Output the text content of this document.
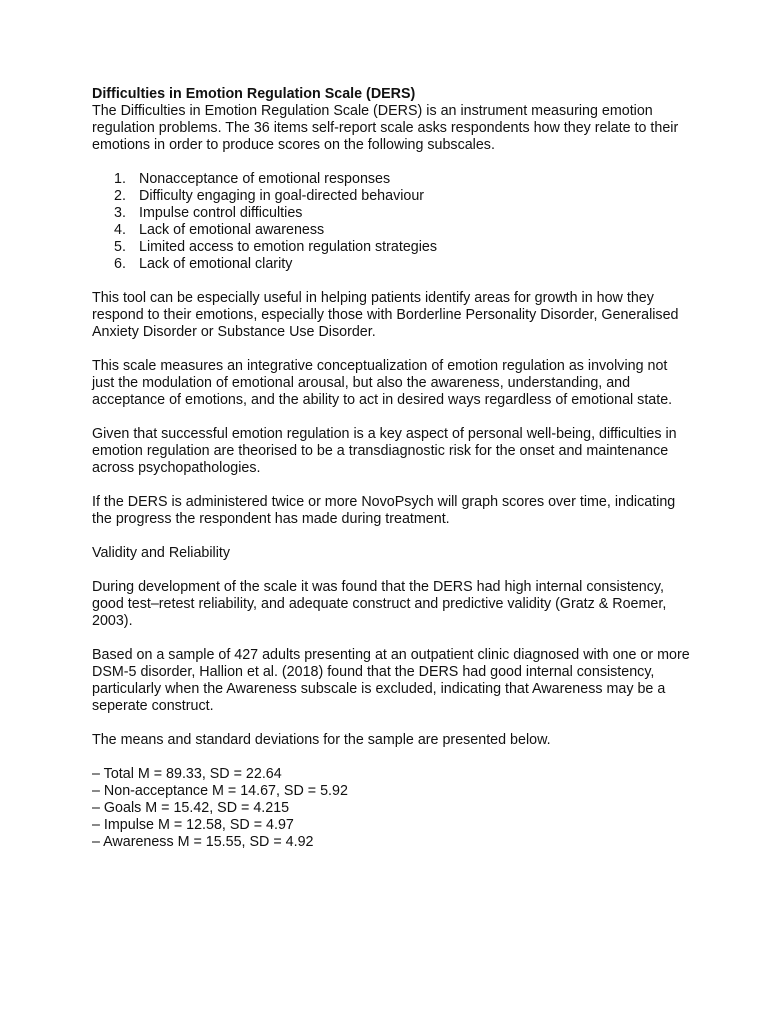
Difficulties in Emotion Regulation Scale (DERS)

The Difficulties in Emotion Regulation Scale (DERS) is an instrument measuring emotion regulation problems. The 36 items self-report scale asks respondents how they relate to their emotions in order to produce scores on the following subscales.

1. Nonacceptance of emotional responses
2. Difficulty engaging in goal-directed behaviour
3. Impulse control difficulties
4. Lack of emotional awareness
5. Limited access to emotion regulation strategies
6. Lack of emotional clarity

This tool can be especially useful in helping patients identify areas for growth in how they respond to their emotions, especially those with Borderline Personality Disorder, Generalised Anxiety Disorder or Substance Use Disorder.

This scale measures an integrative conceptualization of emotion regulation as involving not just the modulation of emotional arousal, but also the awareness, understanding, and acceptance of emotions, and the ability to act in desired ways regardless of emotional state.

Given that successful emotion regulation is a key aspect of personal well-being, difficulties in emotion regulation are theorised to be a transdiagnostic risk for the onset and maintenance across psychopathologies.

If the DERS is administered twice or more NovoPsych will graph scores over time, indicating the progress the respondent has made during treatment.

Validity and Reliability

During development of the scale it was found that the DERS had high internal consistency, good test–retest reliability, and adequate construct and predictive validity (Gratz & Roemer, 2003).

Based on a sample of 427 adults presenting at an outpatient clinic diagnosed with one or more DSM-5 disorder, Hallion et al. (2018) found that the DERS had good internal consistency, particularly when the Awareness subscale is excluded, indicating that Awareness may be a seperate construct.

The means and standard deviations for the sample are presented below.

– Total M = 89.33, SD = 22.64
– Non-acceptance M = 14.67, SD = 5.92
– Goals M = 15.42, SD = 4.215
– Impulse M = 12.58, SD = 4.97
– Awareness M = 15.55, SD = 4.92
